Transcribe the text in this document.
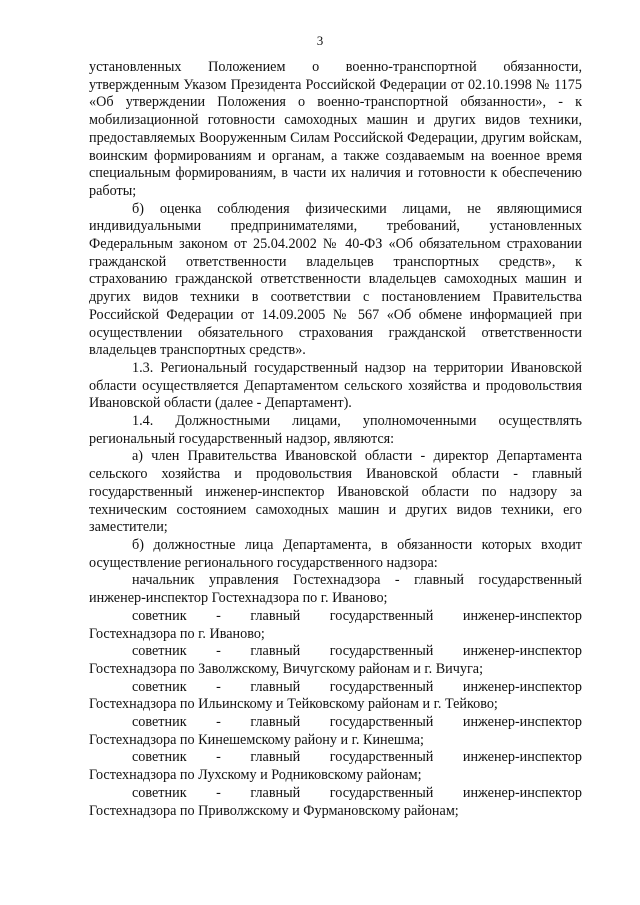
3

установленных Положением о военно-транспортной обязанности, утвержденным Указом Президента Российской Федерации от 02.10.1998 № 1175 «Об утверждении Положения о военно-транспортной обязанности», - к мобилизационной готовности самоходных машин и других видов техники, предоставляемых Вооруженным Силам Российской Федерации, другим войскам, воинским формированиям и органам, а также создаваемым на военное время специальным формированиям, в части их наличия и готовности к обеспечению работы;

б) оценка соблюдения физическими лицами, не являющимися индивидуальными предпринимателями, требований, установленных Федеральным законом от 25.04.2002 № 40-ФЗ «Об обязательном страховании гражданской ответственности владельцев транспортных средств», к страхованию гражданской ответственности владельцев самоходных машин и других видов техники в соответствии с постановлением Правительства Российской Федерации от 14.09.2005 № 567 «Об обмене информацией при осуществлении обязательного страхования гражданской ответственности владельцев транспортных средств».

1.3. Региональный государственный надзор на территории Ивановской области осуществляется Департаментом сельского хозяйства и продовольствия Ивановской области (далее - Департамент).

1.4. Должностными лицами, уполномоченными осуществлять региональный государственный надзор, являются:

а) член Правительства Ивановской области - директор Департамента сельского хозяйства и продовольствия Ивановской области - главный государственный инженер-инспектор Ивановской области по надзору за техническим состоянием самоходных машин и других видов техники, его заместители;

б) должностные лица Департамента, в обязанности которых входит осуществление регионального государственного надзора:

начальник управления Гостехнадзора - главный государственный инженер-инспектор Гостехнадзора по г. Иваново;

советник - главный государственный инженер-инспектор

Гостехнадзора по г. Иваново;

советник - главный государственный инженер-инспектор

Гостехнадзора по Заволжскому, Вичугскому районам и г. Вичуга;

советник - главный государственный инженер-инспектор

Гостехнадзора по Ильинскому и Тейковскому районам и г. Тейково;

советник - главный государственный инженер-инспектор

Гостехнадзора по Кинешемскому району и г. Кинешма;

советник - главный государственный инженер-инспектор

Гостехнадзора по Лухскому и Родниковскому районам;

советник - главный государственный инженер-инспектор

Гостехнадзора по Приволжскому и Фурмановскому районам;
